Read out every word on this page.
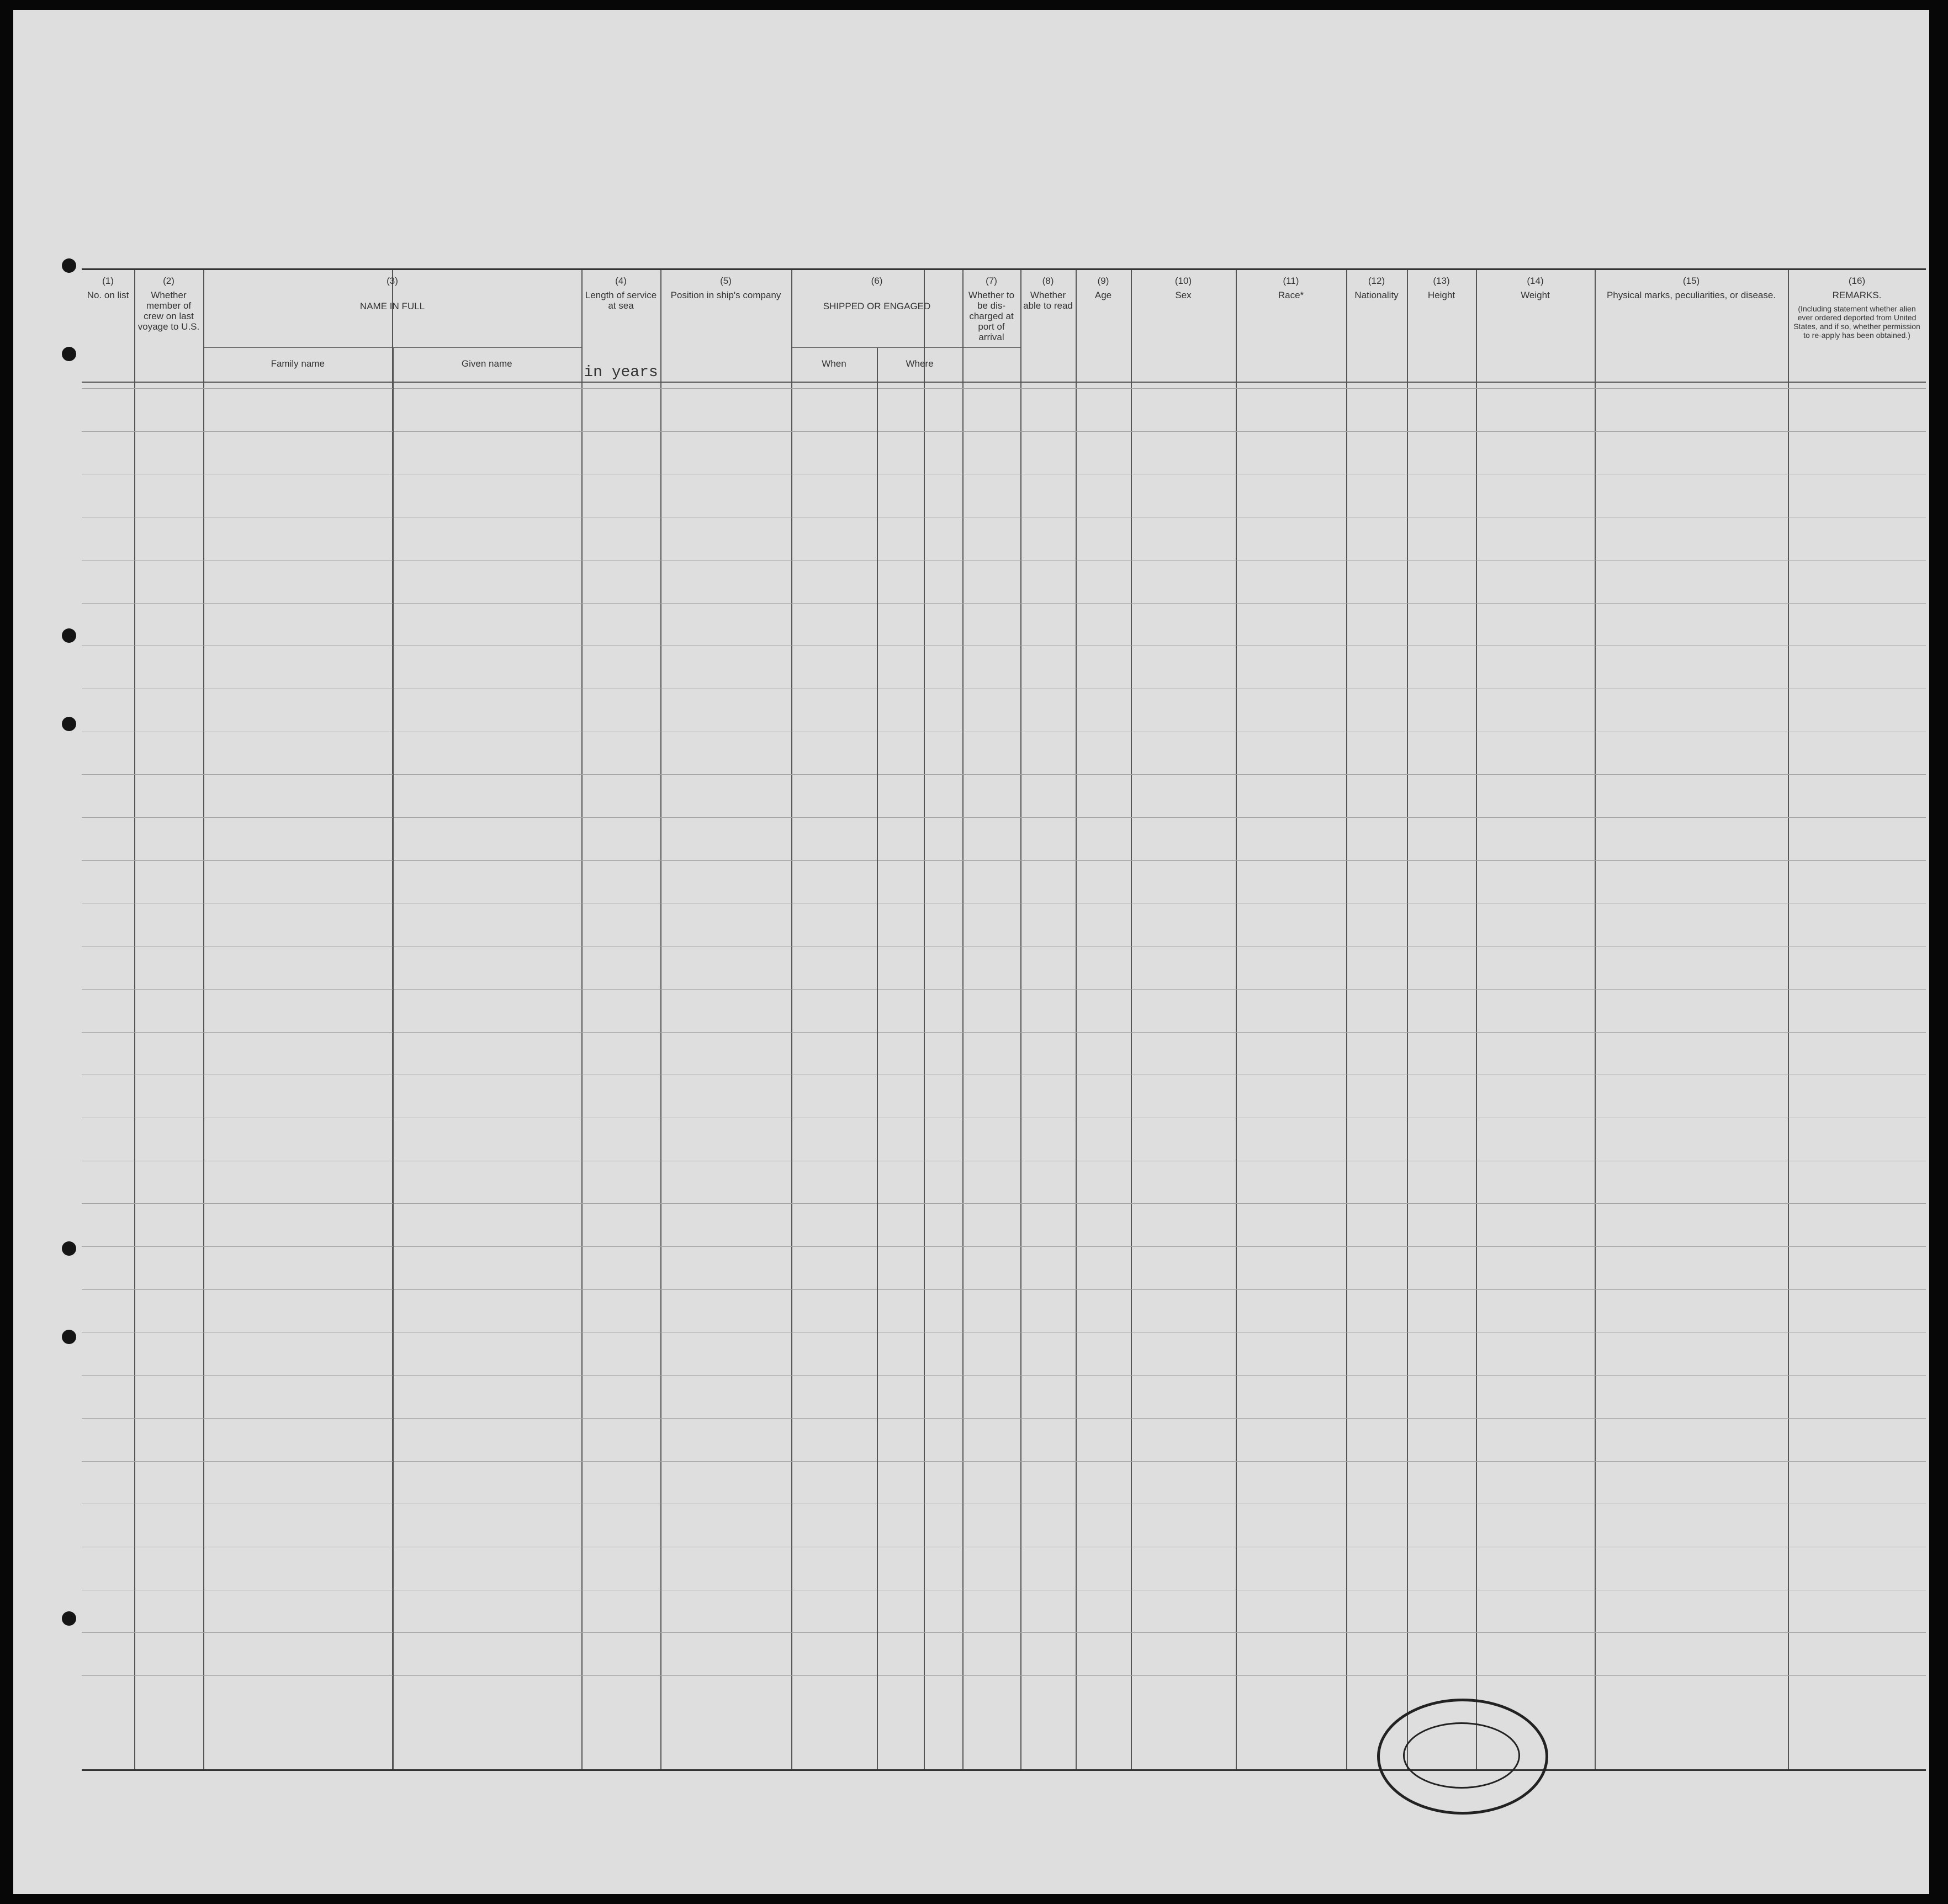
(1)
No. on list
(2)
Whether member of crew on last voyage to U.S.
(3)
NAME IN FULL
Family name	Given name
(4)
Length of service at sea
in years
(5)
Position in ship's company
(6)
SHIPPED OR ENGAGED
When	Where
(7)
Whether to be dis-charged at port of arrival
(8)
Whether able to read
(9)
Age
(10)
Sex
(11)
Race*
(12)
Nationality
(13)
Height
(14)
Weight
(15)
Physical marks, peculiarities, or disease.
(16)
REMARKS.
(Including statement whether alien ever ordered deported from United States, and if so, whether permission to re-apply has been obtained.)
